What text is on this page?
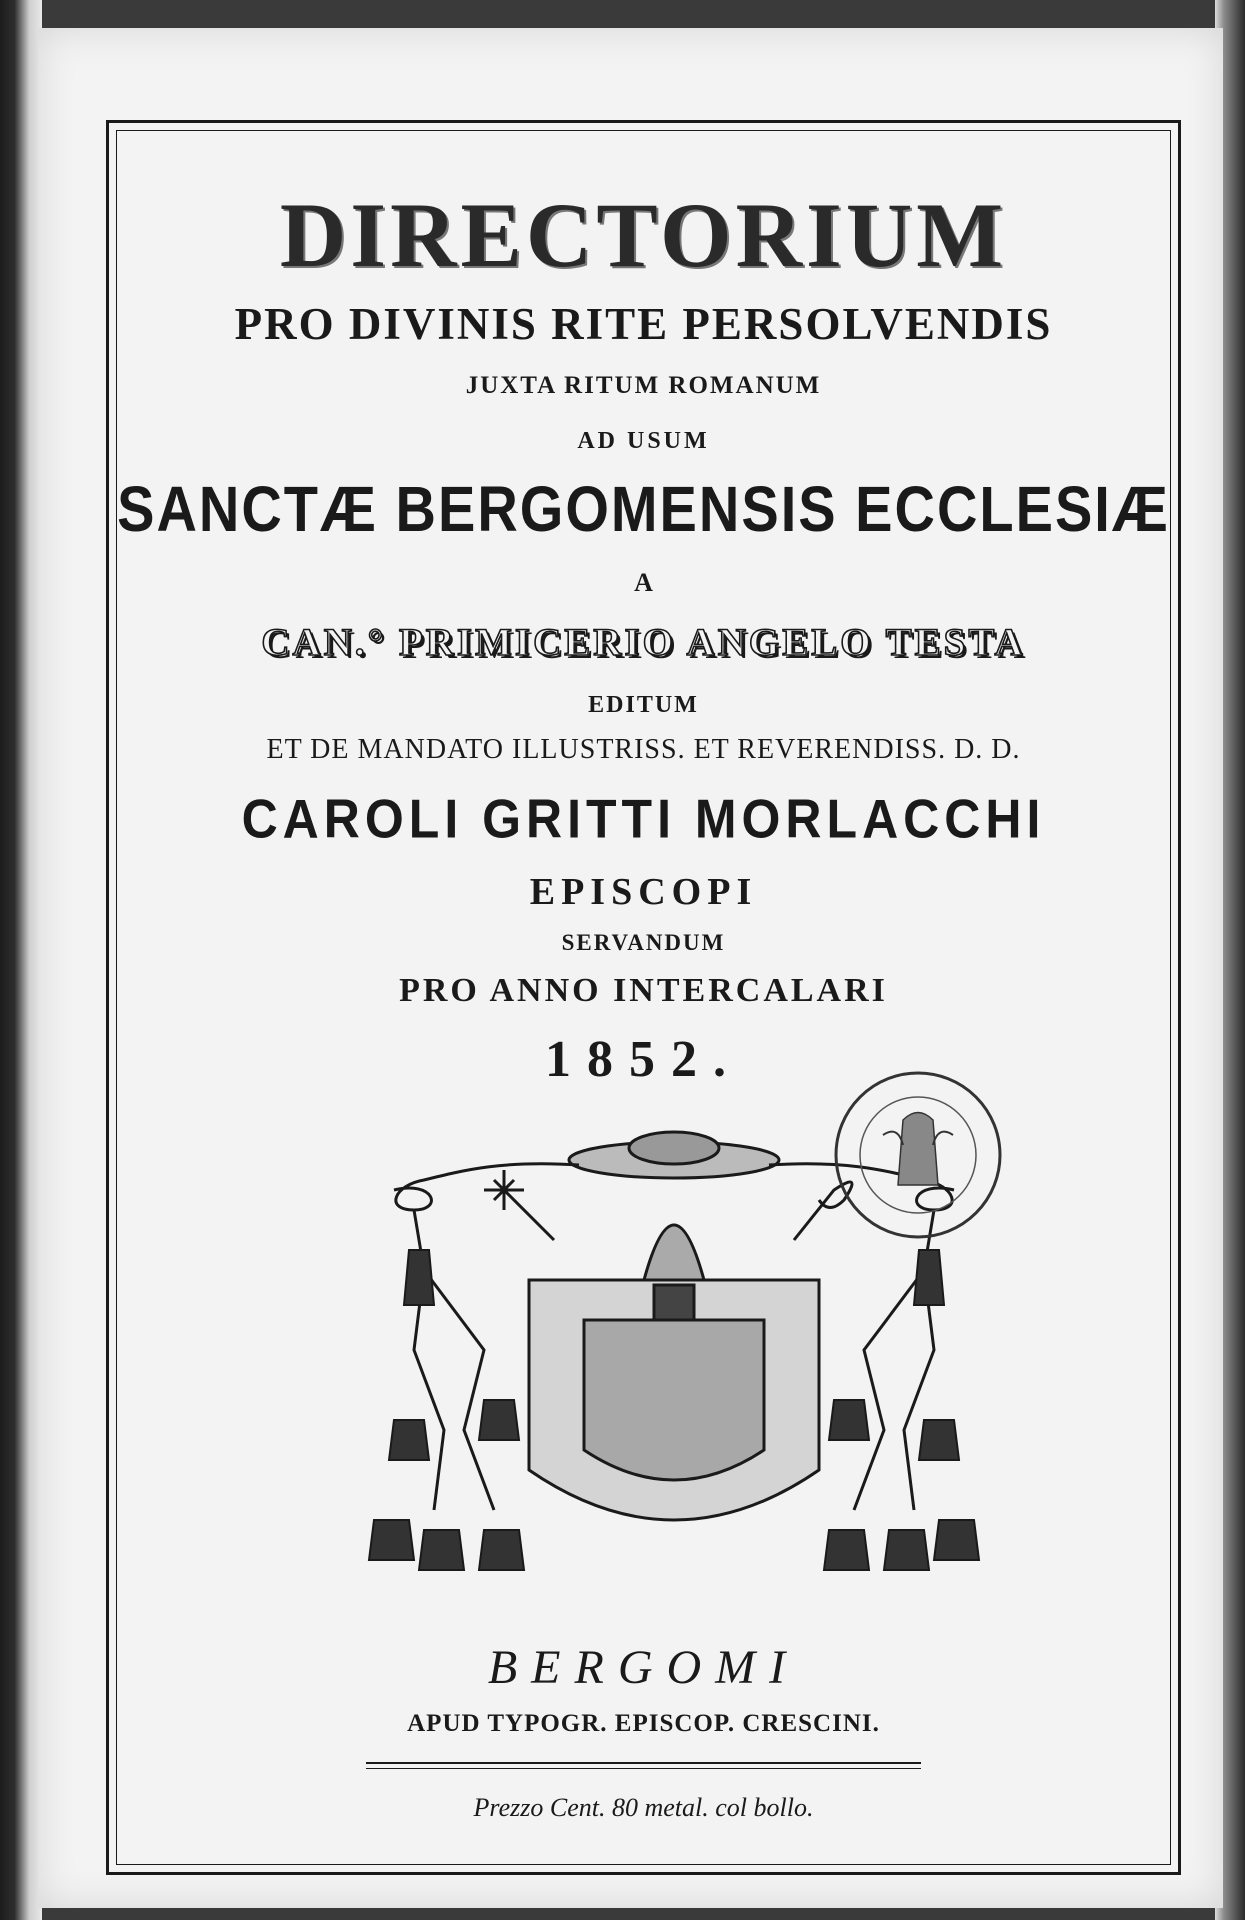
DIRECTORIUM
PRO DIVINIS RITE PERSOLVENDIS
JUXTA RITUM ROMANUM
AD USUM
SANCTÆ BERGOMENSIS ECCLESIÆ
A
CAN.° PRIMICERIO ANGELO TESTA
EDITUM
ET DE MANDATO ILLUSTRISS. ET REVERENDISS. D. D.
CAROLI GRITTI MORLACCHI
EPISCOPI
SERVANDUM
PRO ANNO INTERCALARI
1852.
BERGOMI
APUD TYPOGR. EPISCOP. CRESCINI.
Prezzo Cent. 80 metal. col bollo.
